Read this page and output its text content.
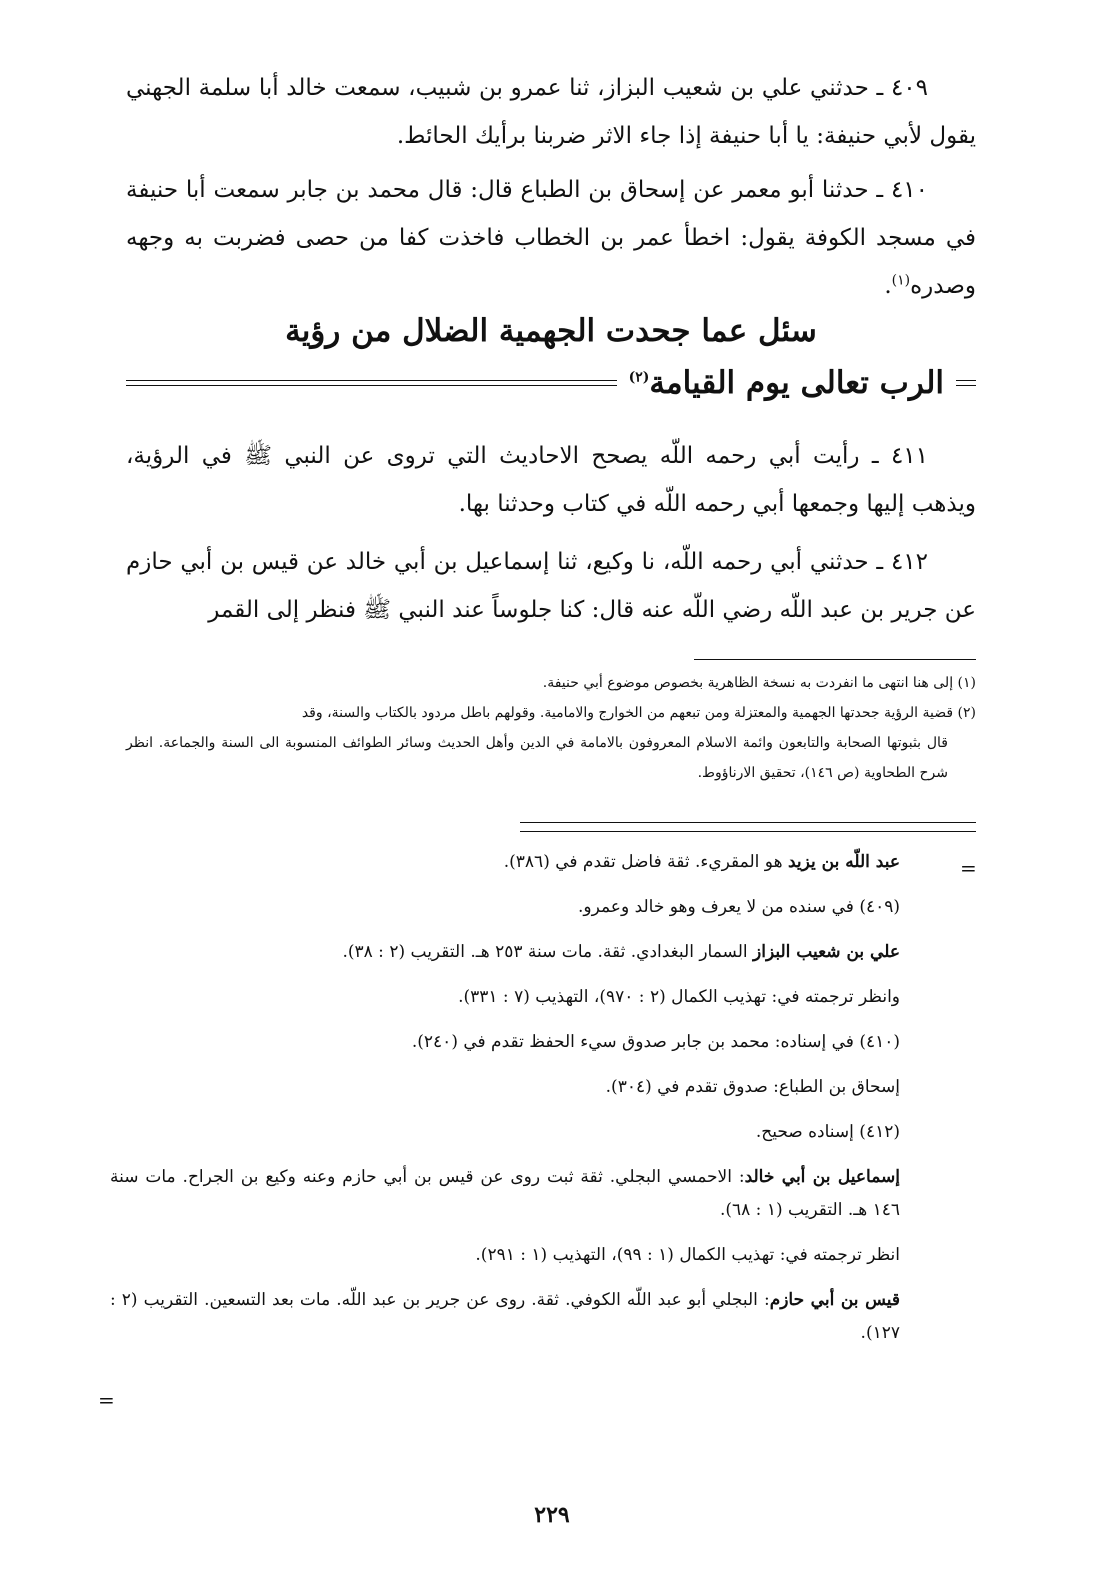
٤٠٩ ـ حدثني علي بن شعيب البزاز، ثنا عمرو بن شبيب، سمعت خالد أبا سلمة الجهني يقول لأبي حنيفة: يا أبا حنيفة إذا جاء الاثر ضربنا برأيك الحائط.

٤١٠ ـ حدثنا أبو معمر عن إسحاق بن الطباع قال: قال محمد بن جابر سمعت أبا حنيفة في مسجد الكوفة يقول: اخطأ عمر بن الخطاب فاخذت كفا من حصى فضربت به وجهه وصدره$^{(١)}$.

سئل عما جحدت الجهمية الضلال من رؤية
الرب تعالى يوم القيامة$^{(٢)}$

٤١١ ـ رأيت أبي رحمه اللّه يصحح الاحاديث التي تروى عن النبي ﷺ في الرؤية، ويذهب إليها وجمعها أبي رحمه اللّه في كتاب وحدثنا بها.

٤١٢ ـ حدثني أبي رحمه اللّه، نا وكيع، ثنا إسماعيل بن أبي خالد عن قيس بن أبي حازم عن جرير بن عبد اللّه رضي اللّه عنه قال: كنا جلوساً عند النبي ﷺ فنظر إلى القمر

(١) إلى هنا انتهى ما انفردت به نسخة الظاهرية بخصوص موضوع أبي حنيفة.

(٢) قضية الرؤية جحدتها الجهمية والمعتزلة ومن تبعهم من الخوارج والامامية. وقولهم باطل مردود بالكتاب والسنة، وقد

قال بثبوتها الصحابة والتابعون وائمة الاسلام المعروفون بالامامة في الدين وأهل الحديث وسائر الطوائف المنسوبة الى السنة والجماعة. انظر شرح الطحاوية (ص ١٤٦)، تحقيق الارناؤوط.

=

عبد اللّه بن يزيد هو المقريء. ثقة فاضل تقدم في (٣٨٦).

(٤٠٩) في سنده من لا يعرف وهو خالد وعمرو.

علي بن شعيب البزاز السمار البغدادي. ثقة. مات سنة ٢٥٣ هـ. التقريب (٢ : ٣٨).

وانظر ترجمته في: تهذيب الكمال (٢ : ٩٧٠)، التهذيب (٧ : ٣٣١).

(٤١٠) في إسناده: محمد بن جابر صدوق سيء الحفظ تقدم في (٢٤٠).

إسحاق بن الطباع: صدوق تقدم في (٣٠٤).

(٤١٢) إسناده صحيح.

إسماعيل بن أبي خالد: الاحمسي البجلي. ثقة ثبت روى عن قيس بن أبي حازم وعنه وكيع بن الجراح. مات سنة ١٤٦ هـ. التقريب (١ : ٦٨).

انظر ترجمته في: تهذيب الكمال (١ : ٩٩)، التهذيب (١ : ٢٩١).

قيس بن أبي حازم: البجلي أبو عبد اللّه الكوفي. ثقة. روى عن جرير بن عبد اللّه. مات بعد التسعين. التقريب (٢ : ١٢٧).

=
٢٢٩
